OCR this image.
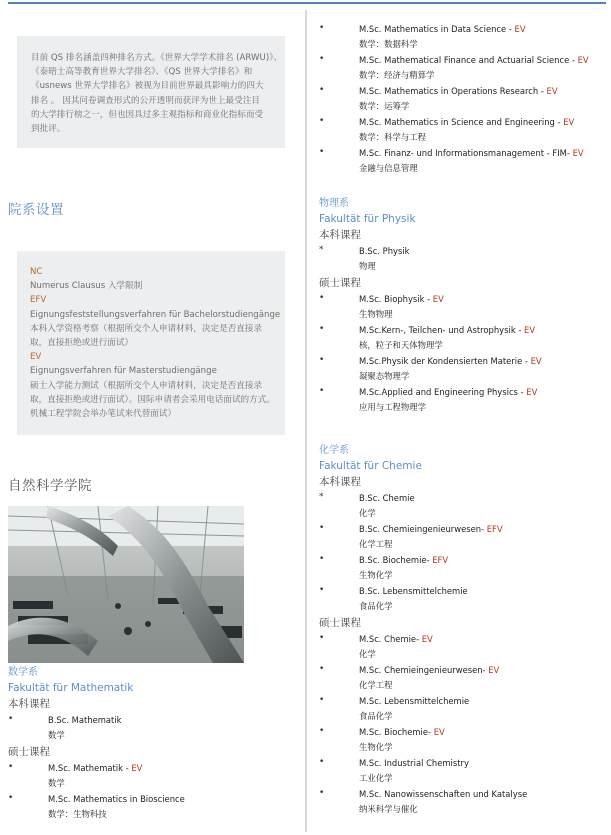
目前 QS 排名涵盖四种排名方式。《世界大学学术排名 (ARWU)》、

《泰晤士高等教育世界大学排名》、《QS 世界大学排名》和

《usnews 世界大学排名》被视为目前世界最具影响力的四大

排名 。 因其问卷调查形式的公开透明而获评为世上最受注目

的大学排行榜之一，但也因具过多主观指标和商业化指标而受

到批评。

院系设置

NC

Numerus Clausus 入学限制

EFV

Eignungsfeststellungsverfahren für Bachelorstudiengänge

本科入学资格考察（根据所交个人申请材料，决定是否直接录

取，直接拒绝或进行面试）

EV

Eignungsverfahren für Masterstudiengänge

硕士入学能力测试（根据所交个人申请材料，决定是否直接录

取，直接拒绝或进行面试）。国际申请者会采用电话面试的方式。

机械工程学院会举办笔试来代替面试）

自然科学学院
数学系
Fakultät für Mathematik
本科课程
•	B.Sc. Mathematik
数学
硕士课程
•	M.Sc. Mathematik - EV
数学
•	M.Sc. Mathematics in Bioscience
数学：生物科技
•	M.Sc. Mathematics in Data Science - EV
数学：数据科学
•	M.Sc. Mathematical Finance and Actuarial Science - EV
数学：经济与精算学
•	M.Sc. Mathematics in Operations Research - EV
数学：运筹学
•	M.Sc. Mathematics in Science and Engineering - EV
数学：科学与工程
•	M.Sc. Finanz- und Informationsmanagement - FIM- EV
金融与信息管理
物理系
Fakultät für Physik
本科课程
*	B.Sc. Physik
物理
硕士课程
•	M.Sc. Biophysik - EV
生物物理
•	M.Sc.Kern-, Teilchen- und Astrophysik - EV
核，粒子和天体物理学
•	M.Sc.Physik der Kondensierten Materie - EV
凝聚态物理学
•	M.Sc.Applied and Engineering Physics - EV
应用与工程物理学
化学系
Fakultät für Chemie
本科课程
*	B.Sc. Chemie
化学
•	B.Sc. Chemieingenieurwesen- EFV
化学工程
•	B.Sc. Biochemie- EFV
生物化学
•	B.Sc. Lebensmittelchemie
食品化学
硕士课程
•	M.Sc. Chemie- EV
化学
•	M.Sc. Chemieingenieurwesen- EV
化学工程
•	M.Sc. Lebensmittelchemie
食品化学
•	M.Sc. Biochemie- EV
生物化学
•	M.Sc. Industrial Chemistry
工业化学
•	M.Sc. Nanowissenschaften und Katalyse
纳米科学与催化
